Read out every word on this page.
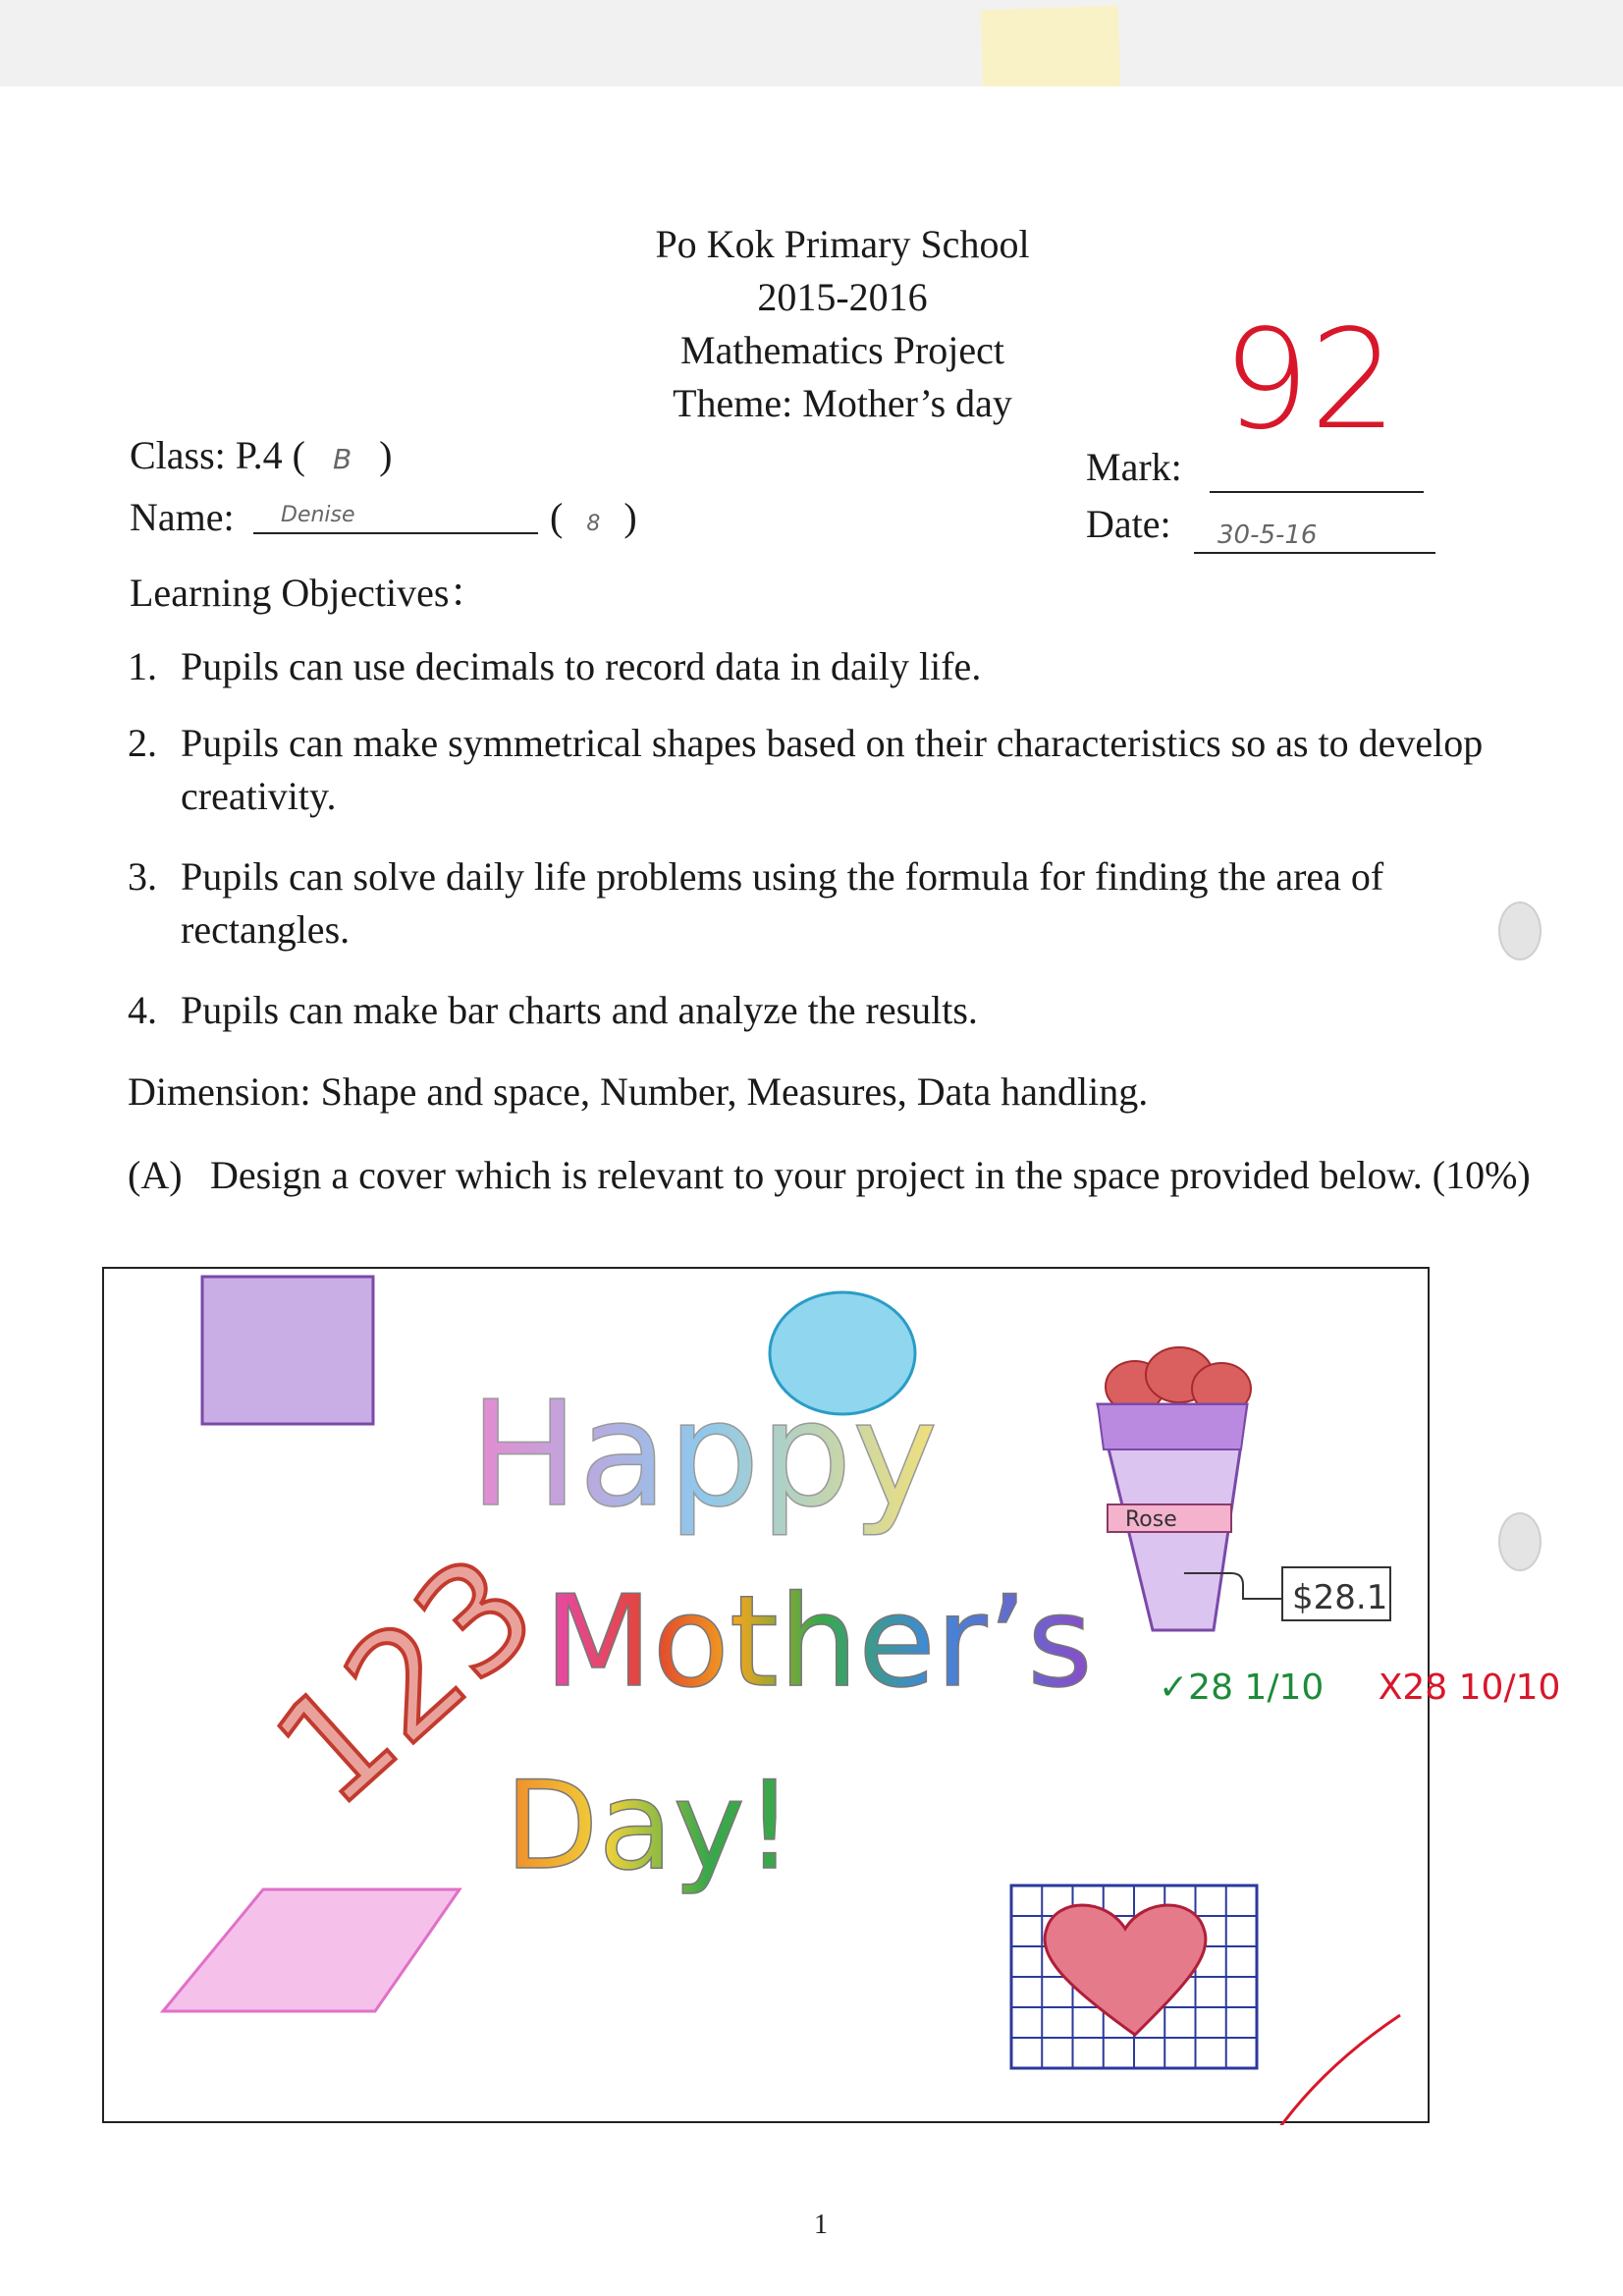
Po Kok Primary School
2015-2016
Mathematics Project
Theme: Mother’s day
Class: P.4 ( B )
Name: Denise	( 8 )
Mark:
92
Date: 30-5-16
Learning Objectives：
1. Pupils can use decimals to record data in daily life.
2. Pupils can make symmetrical shapes based on their characteristics so as to develop creativity.
3. Pupils can solve daily life problems using the formula for finding the area of rectangles.
4. Pupils can make bar charts and analyze the results.
Dimension: Shape and space, Number, Measures, Data handling.
(A) Design a cover which is relevant to your project in the space provided below. (10%)
Happy
Mother’s
Day!
123
Rose
$28.1
✓28 1/10 X28 10/10
1
